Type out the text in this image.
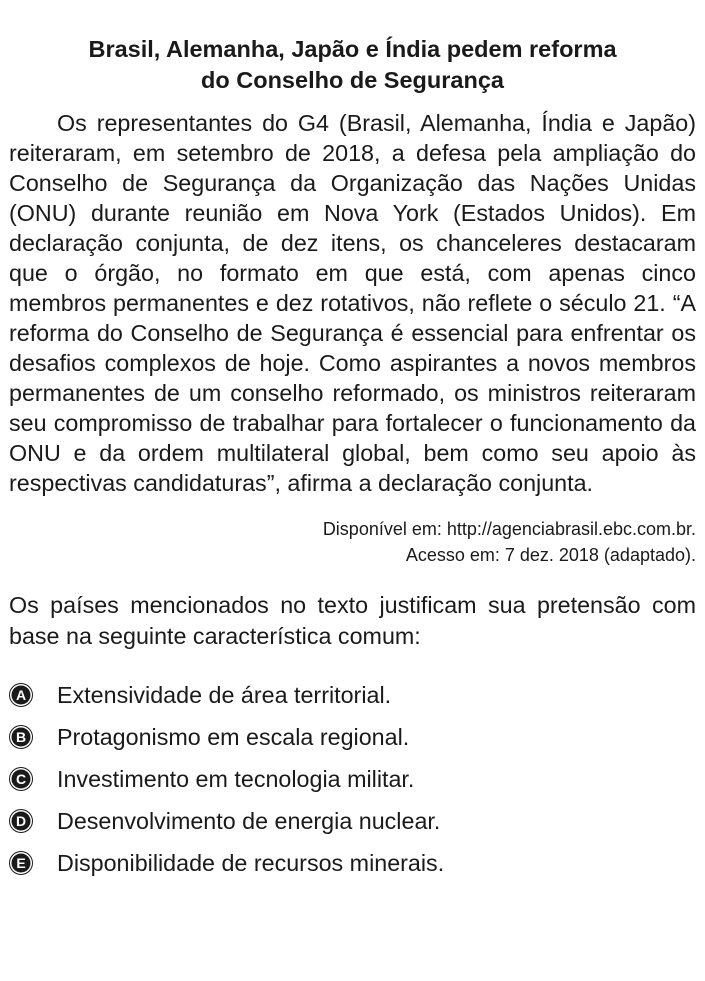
Brasil, Alemanha, Japão e Índia pedem reforma
do Conselho de Segurança

Os representantes do G4 (Brasil, Alemanha, Índia e Japão) reiteraram, em setembro de 2018, a defesa pela ampliação do Conselho de Segurança da Organização das Nações Unidas (ONU) durante reunião em Nova York (Estados Unidos). Em declaração conjunta, de dez itens, os chanceleres destacaram que o órgão, no formato em que está, com apenas cinco membros permanentes e dez rotativos, não reflete o século 21. “A reforma do Conselho de Segurança é essencial para enfrentar os desafios complexos de hoje. Como aspirantes a novos membros permanentes de um conselho reformado, os ministros reiteraram seu compromisso de trabalhar para fortalecer o funcionamento da ONU e da ordem multilateral global, bem como seu apoio às respectivas candidaturas”, afirma a declaração conjunta.

Disponível em: http://agenciabrasil.ebc.com.br.
Acesso em: 7 dez. 2018 (adaptado).

Os países mencionados no texto justificam sua pretensão com base na seguinte característica comum:

A Extensividade de área territorial.
B Protagonismo em escala regional.
C Investimento em tecnologia militar.
D Desenvolvimento de energia nuclear.
E Disponibilidade de recursos minerais.
